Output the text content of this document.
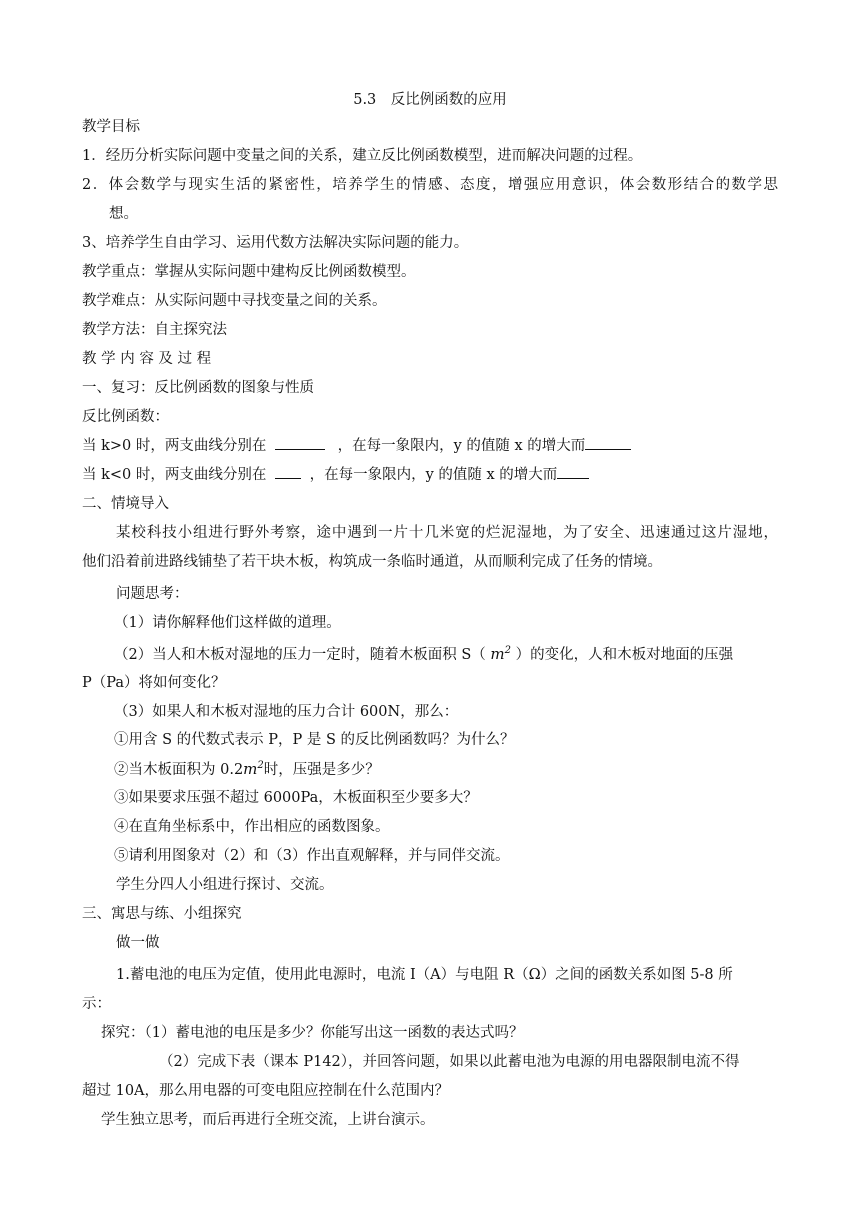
5.3　反比例函数的应用
教学目标
1．经历分析实际问题中变量之间的关系，建立反比例函数模型，进而解决问题的过程。
2．体会数学与现实生活的紧密性，培养学生的情感、态度，增强应用意识，体会数形结合的数学思
想。
3、培养学生自由学习、运用代数方法解决实际问题的能力。
教学重点：掌握从实际问题中建构反比例函数模型。
教学难点：从实际问题中寻找变量之间的关系。
教学方法：自主探究法
教 学 内 容 及 过 程
一、复习：反比例函数的图象与性质
反比例函数：
当 k>0 时，两支曲线分别在	，在每一象限内，y 的值随 x 的增大而
当 k<0 时，两支曲线分别在	，在每一象限内，y 的值随 x 的增大而
二、情境导入
某校科技小组进行野外考察，途中遇到一片十几米宽的烂泥湿地，为了安全、迅速通过这片湿地，
他们沿着前进路线铺垫了若干块木板，构筑成一条临时通道，从而顺利完成了任务的情境。
问题思考：
（1）请你解释他们这样做的道理。
（2）当人和木板对湿地的压力一定时，随着木板面积 S（ $m^2$ ）的变化，人和木板对地面的压强
P（Pa）将如何变化？
（3）如果人和木板对湿地的压力合计 600N，那么：
①用含 S 的代数式表示 P，P 是 S 的反比例函数吗？为什么？
②当木板面积为 $0.2m^2$时，压强是多少？
③如果要求压强不超过 6000Pa，木板面积至少要多大？
④在直角坐标系中，作出相应的函数图象。
⑤请利用图象对（2）和（3）作出直观解释，并与同伴交流。
学生分四人小组进行探讨、交流。
三、寓思与练、小组探究
做一做
1.蓄电池的电压为定值，使用此电源时，电流 I（A）与电阻 R（Ω）之间的函数关系如图 5-8 所
示：
探究：（1）蓄电池的电压是多少？你能写出这一函数的表达式吗？
（2）完成下表（课本 P142），并回答问题，如果以此蓄电池为电源的用电器限制电流不得
超过 10A，那么用电器的可变电阻应控制在什么范围内？
学生独立思考，而后再进行全班交流，上讲台演示。
